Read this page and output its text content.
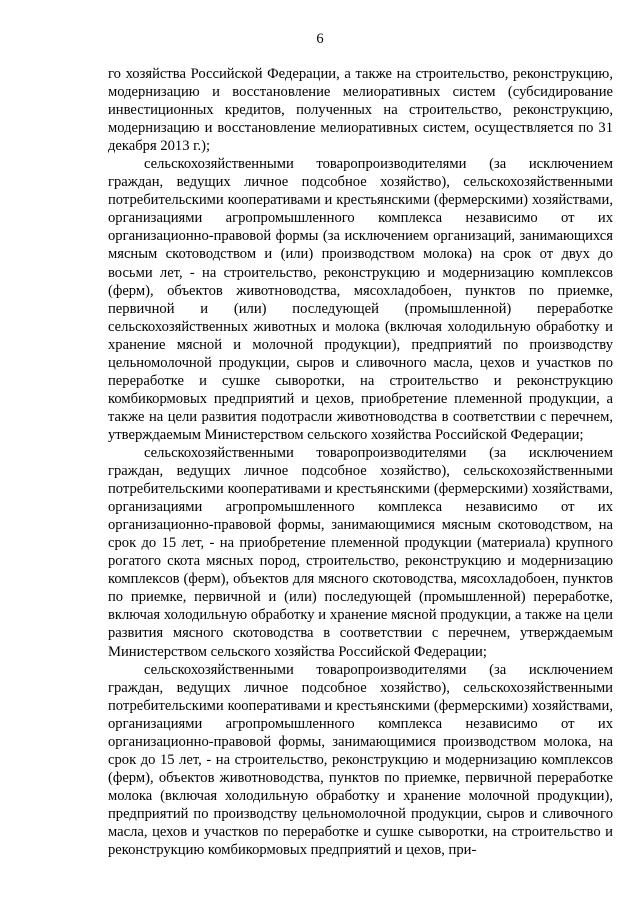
6

го хозяйства Российской Федерации, а также на строительство, реконструкцию, модернизацию и восстановление мелиоративных систем (субсидирование инвестиционных кредитов, полученных на строительство, реконструкцию, модернизацию и восстановление мелиоративных систем, осуществляется по 31 декабря 2013 г.);

сельскохозяйственными товаропроизводителями (за исключением граждан, ведущих личное подсобное хозяйство), сельскохозяйственными потребительскими кооперативами и крестьянскими (фермерскими) хозяйствами, организациями агропромышленного комплекса независимо от их организационно-правовой формы (за исключением организаций, занимающихся мясным скотоводством и (или) производством молока) на срок от двух до восьми лет, - на строительство, реконструкцию и модернизацию комплексов (ферм), объектов животноводства, мясохладобоен, пунктов по приемке, первичной и (или) последующей (промышленной) переработке сельскохозяйственных животных и молока (включая холодильную обработку и хранение мясной и молочной продукции), предприятий по производству цельномолочной продукции, сыров и сливочного масла, цехов и участков по переработке и сушке сыворотки, на строительство и реконструкцию комбикормовых предприятий и цехов, приобретение племенной продукции, а также на цели развития подотрасли животноводства в соответствии с перечнем, утверждаемым Министерством сельского хозяйства Российской Федерации;

сельскохозяйственными товаропроизводителями (за исключением граждан, ведущих личное подсобное хозяйство), сельскохозяйственными потребительскими кооперативами и крестьянскими (фермерскими) хозяйствами, организациями агропромышленного комплекса независимо от их организационно-правовой формы, занимающимися мясным скотоводством, на срок до 15 лет, - на приобретение племенной продукции (материала) крупного рогатого скота мясных пород, строительство, реконструкцию и модернизацию комплексов (ферм), объектов для мясного скотоводства, мясохладобоен, пунктов по приемке, первичной и (или) последующей (промышленной) переработке, включая холодильную обработку и хранение мясной продукции, а также на цели развития мясного скотоводства в соответствии с перечнем, утверждаемым Министерством сельского хозяйства Российской Федерации;

сельскохозяйственными товаропроизводителями (за исключением граждан, ведущих личное подсобное хозяйство), сельскохозяйственными потребительскими кооперативами и крестьянскими (фермерскими) хозяйствами, организациями агропромышленного комплекса независимо от их организационно-правовой формы, занимающимися производством молока, на срок до 15 лет, - на строительство, реконструкцию и модернизацию комплексов (ферм), объектов животноводства, пунктов по приемке, первичной переработке молока (включая холодильную обработку и хранение молочной продукции), предприятий по производству цельномолочной продукции, сыров и сливочного масла, цехов и участков по переработке и сушке сыворотки, на строительство и реконструкцию комбикормовых предприятий и цехов, при-
